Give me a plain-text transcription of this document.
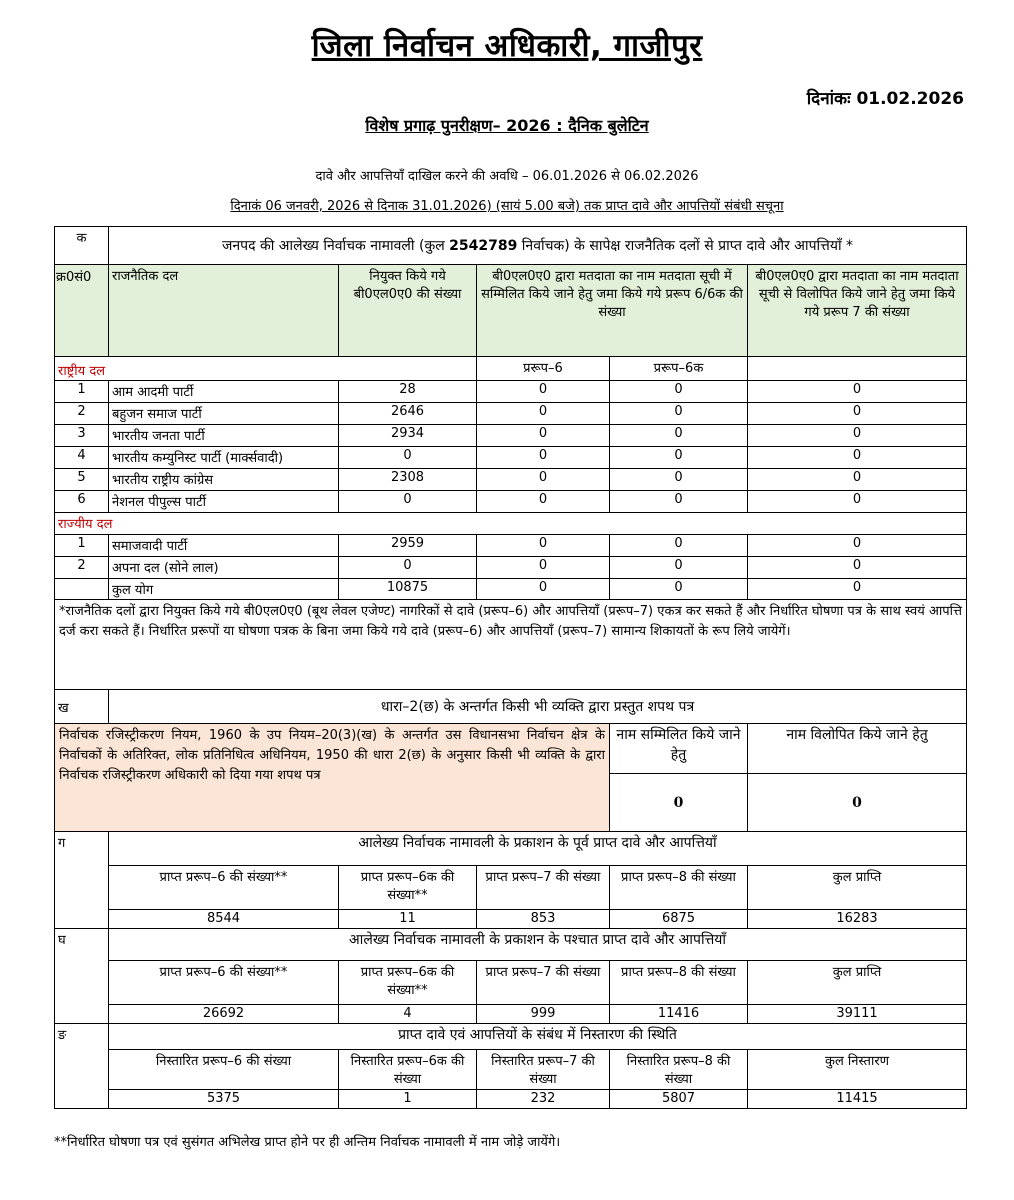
जिला निर्वाचन अधिकारी, गाजीपुर
दिनांकः 01.02.2026
विशेष प्रगाढ़ पुनरीक्षण– 2026 : दैनिक बुलेटिन
दावे और आपत्तियाँ दाखिल करने की अवधि – 06.01.2026 से 06.02.2026
दिनाकं 06 जनवरी, 2026 से दिनाक 31.01.2026) (सायं 5.00 बजे) तक प्राप्त दावे और आपत्तियों संबंधी सचूना
क	जनपद की आलेख्य निर्वाचक नामावली (कुल 2542789 निर्वाचक) के सापेक्ष राजनैतिक दलों से प्राप्त दावे और आपत्तियाँ *				
क्र0सं0	राजनैतिक दल	नियुक्त किये गये बी0एल0ए0 की संख्या	बी0एल0ए0 द्वारा मतदाता का नाम मतदाता सूची में सम्मिलित किये जाने हेतु जमा किये गये प्ररूप 6/6क की संख्या		बी0एल0ए0 द्वारा मतदाता का नाम मतदाता सूची से विलोपित किये जाने हेतु जमा किये गये प्ररूप 7 की संख्या
राष्ट्रीय दल			प्ररूप–6	प्ररूप–6क	
1	आम आदमी पार्टी	28	0	0	0
2	बहुजन समाज पार्टी	2646	0	0	0
3	भारतीय जनता पार्टी	2934	0	0	0
4	भारतीय कम्युनिस्ट पार्टी (मार्क्सवादी)	0	0	0	0
5	भारतीय राष्ट्रीय कांग्रेस	2308	0	0	0
6	नेशनल पीपुल्स पार्टी	0	0	0	0
राज्यीय दल					
1	समाजवादी पार्टी	2959	0	0	0
2	अपना दल (सोने लाल)	0	0	0	0
	कुल योग	10875	0	0	0
*राजनैतिक दलों द्वारा नियुक्त किये गये बी0एल0ए0 (बूथ लेवल एजेण्ट) नागरिकों से दावे (प्ररूप–6) और आपत्तियाँ (प्ररूप–7) एकत्र कर सकते हैं और निर्धारित घोषणा पत्र के साथ स्वयं आपत्ति दर्ज करा सकते हैं। निर्धारित प्ररूपों या घोषणा पत्रक के बिना जमा किये गये दावे (प्ररूप–6) और आपत्तियाँ (प्ररूप–7) सामान्य शिकायतों के रूप लिये जायेगें।					
ख	धारा–2(छ) के अन्तर्गत किसी भी व्यक्ति द्वारा प्रस्तुत शपथ पत्र				
निर्वाचक रजिस्ट्रीकरण नियम, 1960 के उप नियम–20(3)(ख) के अन्तर्गत उस विधानसभा निर्वाचन क्षेत्र के निर्वाचकों के अतिरिक्त, लोक प्रतिनिधित्व अधिनियम, 1950 की धारा 2(छ) के अनुसार किसी भी व्यक्ति के द्वारा निर्वाचक रजिस्ट्रीकरण अधिकारी को दिया गया शपथ पत्र				नाम सम्मिलित किये जाने हेतु	नाम विलोपित किये जाने हेतु
				0	0
ग	आलेख्य निर्वाचक नामावली के प्रकाशन के पूर्व प्राप्त दावे और आपत्तियाँ				
	प्राप्त प्ररूप–6 की संख्या**	प्राप्त प्ररूप–6क की संख्या**	प्राप्त प्ररूप–7 की संख्या	प्राप्त प्ररूप–8 की संख्या	कुल प्राप्ति
	8544	11	853	6875	16283
घ	आलेख्य निर्वाचक नामावली के प्रकाशन के पश्चात प्राप्त दावे और आपत्तियाँ				
	प्राप्त प्ररूप–6 की संख्या**	प्राप्त प्ररूप–6क की संख्या**	प्राप्त प्ररूप–7 की संख्या	प्राप्त प्ररूप–8 की संख्या	कुल प्राप्ति
	26692	4	999	11416	39111
ङ	प्राप्त दावे एवं आपत्तियों के संबंध में निस्तारण की स्थिति				
	निस्तारित प्ररूप–6 की संख्या	निस्तारित प्ररूप–6क की संख्या	निस्तारित प्ररूप–7 की संख्या	निस्तारित प्ररूप–8 की संख्या	कुल निस्तारण
	5375	1	232	5807	11415
**निर्धारित घोषणा पत्र एवं सुसंगत अभिलेख प्राप्त होने पर ही अन्तिम निर्वाचक नामावली में नाम जोड़े जायेंगे।
